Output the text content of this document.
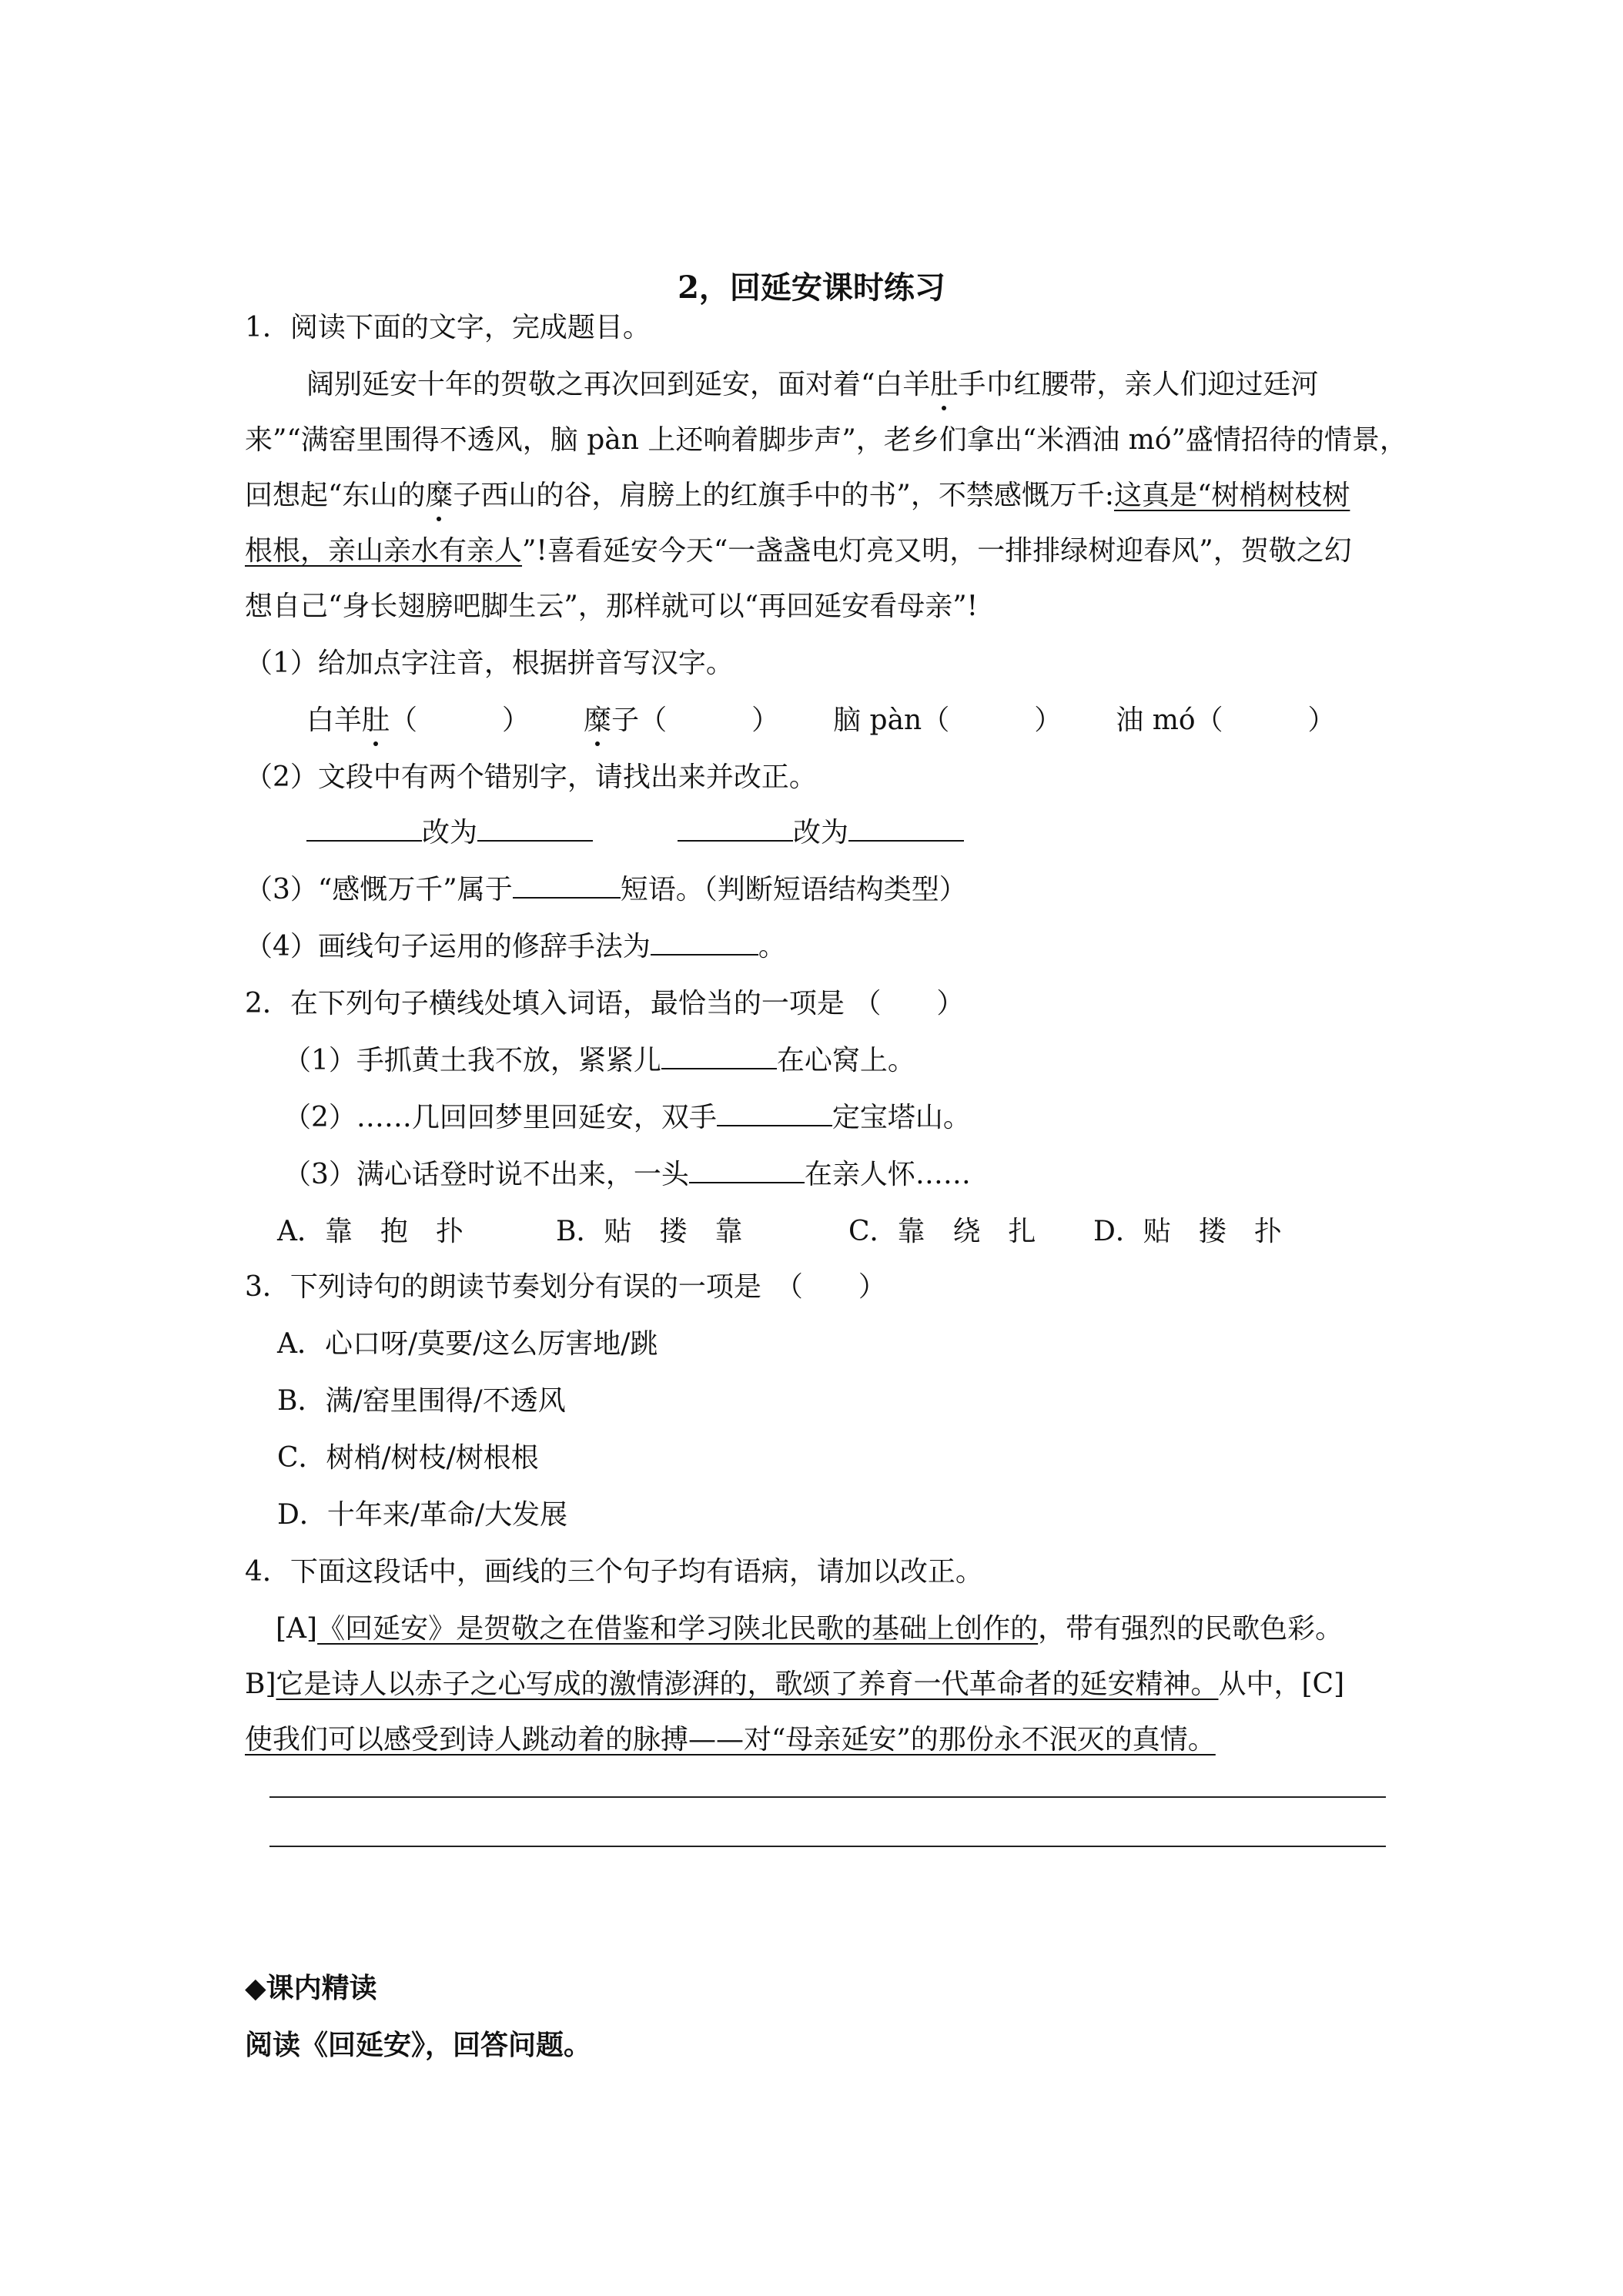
2，回延安课时练习
1．阅读下面的文字，完成题目。
阔别延安十年的贺敬之再次回到延安，面对着“白羊肚手巾红腰带，亲人们迎过廷河
来”“满窑里围得不透风，脑 pàn 上还响着脚步声”，老乡们拿出“米酒油 mó”盛情招待的情景，
回想起“东山的糜子西山的谷，肩膀上的红旗手中的书”，不禁感慨万千:这真是“树梢树枝树
根根，亲山亲水有亲人”!喜看延安今天“一盏盏电灯亮又明，一排排绿树迎春风”，贺敬之幻
想自己“身长翅膀吧脚生云”，那样就可以“再回延安看母亲”!
（1）给加点字注音，根据拼音写汉字。
白羊肚（	） 糜子（	） 脑 pàn（	） 油 mó（	）
（2）文段中有两个错别字，请找出来并改正。
改为	改为
（3）“感慨万千”属于	短语。（判断短语结构类型）
（4）画线句子运用的修辞手法为	。
2．在下列句子横线处填入词语，最恰当的一项是 （　　）
（1）手抓黄土我不放，紧紧儿	在心窝上。
（2）……几回回梦里回延安，双手	定宝塔山。
（3）满心话登时说不出来，一头	在亲人怀……
A．靠　抱　扑	B．贴　搂　靠	C．靠　绕　扎 D．贴　搂　扑
3．下列诗句的朗读节奏划分有误的一项是　（　　）
A．心口呀/莫要/这么厉害地/跳
B．满/窑里围得/不透风
C．树梢/树枝/树根根
D．十年来/革命/大发展
4．下面这段话中，画线的三个句子均有语病，请加以改正。
[A]《回延安》是贺敬之在借鉴和学习陕北民歌的基础上创作的，带有强烈的民歌色彩。
B]它是诗人以赤子之心写成的激情澎湃的，歌颂了养育一代革命者的延安精神。从中，[C]
使我们可以感受到诗人跳动着的脉搏——对“母亲延安”的那份永不泯灭的真情。
◆课内精读
阅读《回延安》，回答问题。
